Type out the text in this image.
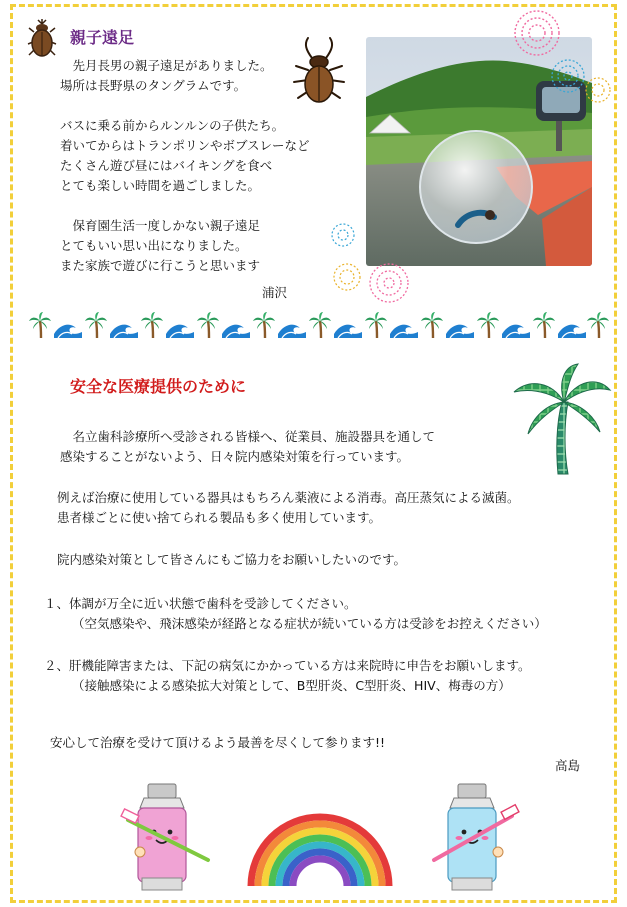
親子遠足
　先月長男の親子遠足がありました。
場所は長野県のタングラムです。

バスに乗る前からルンルンの子供たち。
着いてからはトランポリンやボブスレーなど
たくさん遊び昼にはバイキングを食べ
とても楽しい時間を過ごしました。

　保育園生活一度しかない親子遠足
とてもいい思い出になりました。
また家族で遊びに行こうと思います
浦沢
安全な医療提供のために
　名立歯科診療所へ受診される皆様へ、従業員、施設器具を通して
感染することがないよう、日々院内感染対策を行っています。
例えば治療に使用している器具はもちろん薬液による消毒。高圧蒸気による滅菌。
患者様ごとに使い捨てられる製品も多く使用しています。
院内感染対策として皆さんにもご協力をお願いしたいのです。
１、体調が万全に近い状態で歯科を受診してください。
（空気感染や、飛沫感染が経路となる症状が続いている方は受診をお控えください）
２、肝機能障害または、下記の病気にかかっている方は来院時に申告をお願いします。
（接触感染による感染拡大対策として、B型肝炎、C型肝炎、HIV、梅毒の方）
安心して治療を受けて頂けるよう最善を尽くして参ります!!
高島
